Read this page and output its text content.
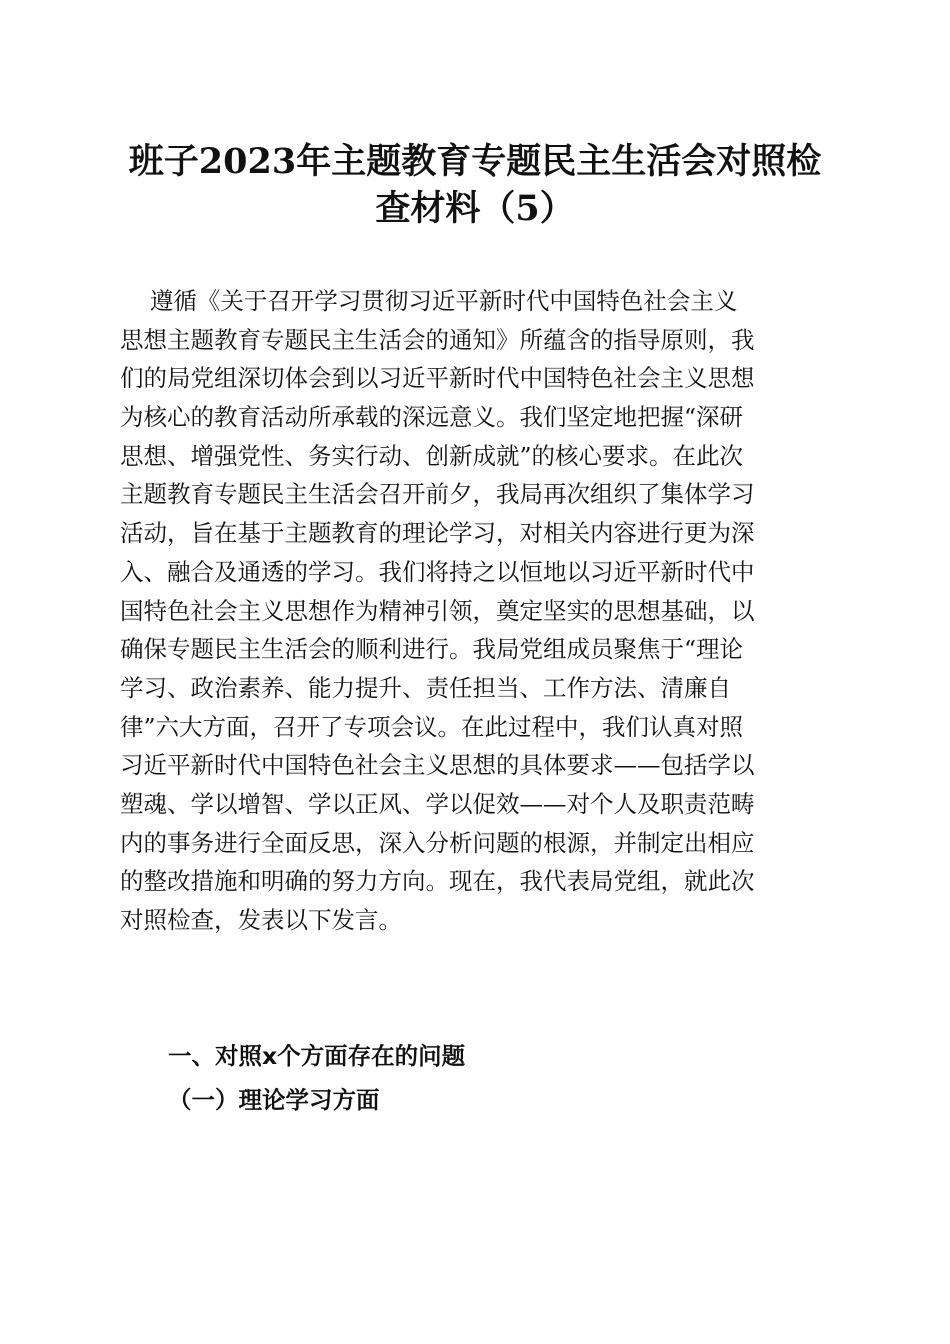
班子2023年主题教育专题民主生活会对照检
查材料（5）
遵循《关于召开学习贯彻习近平新时代中国特色社会主义
思想主题教育专题民主生活会的通知》所蕴含的指导原则，我
们的局党组深切体会到以习近平新时代中国特色社会主义思想
为核心的教育活动所承载的深远意义。我们坚定地把握“深研
思想、增强党性、务实行动、创新成就”的核心要求。在此次
主题教育专题民主生活会召开前夕，我局再次组织了集体学习
活动，旨在基于主题教育的理论学习，对相关内容进行更为深
入、融合及通透的学习。我们将持之以恒地以习近平新时代中
国特色社会主义思想作为精神引领，奠定坚实的思想基础，以
确保专题民主生活会的顺利进行。我局党组成员聚焦于“理论
学习、政治素养、能力提升、责任担当、工作方法、清廉自
律”六大方面，召开了专项会议。在此过程中，我们认真对照
习近平新时代中国特色社会主义思想的具体要求——包括学以
塑魂、学以增智、学以正风、学以促效——对个人及职责范畴
内的事务进行全面反思，深入分析问题的根源，并制定出相应
的整改措施和明确的努力方向。现在，我代表局党组，就此次
对照检查，发表以下发言。
一、对照x个方面存在的问题
（一）理论学习方面
